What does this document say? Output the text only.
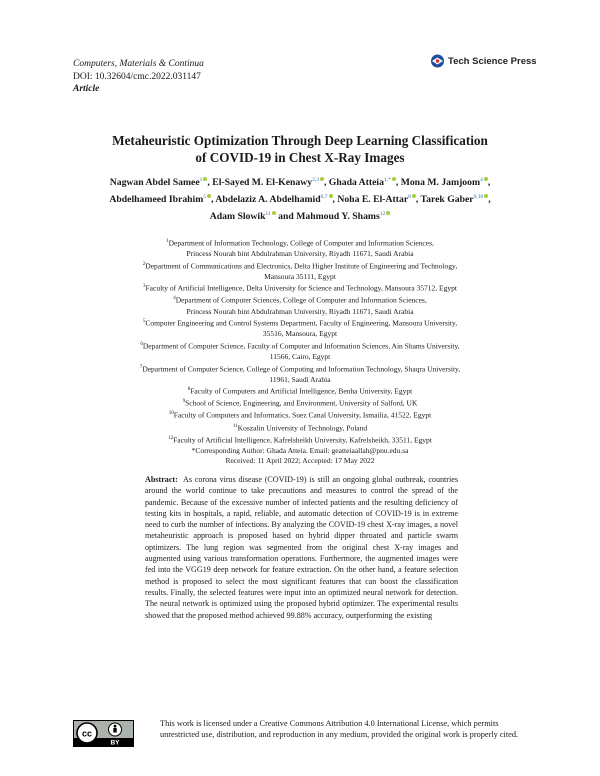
Computers, Materials & Continua
DOI: 10.32604/cmc.2022.031147
Article
Tech Science Press
Metaheuristic Optimization Through Deep Learning Classification
of COVID-19 in Chest X-Ray Images
Nagwan Abdel Samee$^1$ , El-Sayed M. El-Kenawy$^{2,3}$ , Ghada Atteia$^{1,*}$ , Mona M. Jamjoom$^4$ ,
Abdelhameed Ibrahim$^5$ , Abdelaziz A. Abdelhamid$^{6,7}$ , Noha E. El-Attar$^8$ , Tarek Gaber$^{9,10}$ ,
Adam Slowik$^{11}$ and Mahmoud Y. Shams$^{12}$
$^1$Department of Information Technology, College of Computer and Information Sciences,
Princess Nourah bint Abdulrahman University, Riyadh 11671, Saudi Arabia
$^2$Department of Communications and Electronics, Delta Higher Institute of Engineering and Technology,
Mansoura 35111, Egypt
$^3$Faculty of Artificial Intelligence, Delta University for Science and Technology, Mansoura 35712, Egypt
$^4$Department of Computer Sciences, College of Computer and Information Sciences,
Princess Nourah bint Abdulrahman University, Riyadh 11671, Saudi Arabia
$^5$Computer Engineering and Control Systems Department, Faculty of Engineering, Mansoura University,
35516, Mansoura, Egypt
$^6$Department of Computer Science, Faculty of Computer and Information Sciences, Ain Shams University,
11566, Cairo, Egypt
$^7$Department of Computer Science, College of Computing and Information Technology, Shaqra University,
11961, Saudi Arabia
$^8$Faculty of Computers and Artificial Intelligence, Benha University, Egypt
$^9$School of Science, Engineering, and Environment, University of Salford, UK
$^{10}$Faculty of Computers and Informatics, Suez Canal University, Ismailia, 41522, Egypt
$^{11}$Koszalin University of Technology, Poland
$^{12}$Faculty of Artificial Intelligence, Kafrelsheikh University, Kafrelsheikh, 33511, Egypt
*Corresponding Author: Ghada Atteia. Email: geatteiaallah@pnu.edu.sa
Received: 11 April 2022; Accepted: 17 May 2022
Abstract: As corona virus disease (COVID-19) is still an ongoing global outbreak, countries around the world continue to take precautions and measures to control the spread of the pandemic. Because of the excessive number of infected patients and the resulting deficiency of testing kits in hospitals, a rapid, reliable, and automatic detection of COVID-19 is in extreme need to curb the number of infections. By analyzing the COVID-19 chest X-ray images, a novel metaheuristic approach is proposed based on hybrid dipper throated and particle swarm optimizers. The lung region was segmented from the original chest X-ray images and augmented using various transformation operations. Furthermore, the augmented images were fed into the VGG19 deep network for feature extraction. On the other hand, a feature selection method is proposed to select the most significant features that can boost the classification results. Finally, the selected features were input into an optimized neural network for detection. The neural network is optimized using the proposed hybrid optimizer. The experimental results showed that the proposed method achieved 99.88% accuracy, outperforming the existing
cc
BY
This work is licensed under a Creative Commons Attribution 4.0 International License, which permits unrestricted use, distribution, and reproduction in any medium, provided the original work is properly cited.
